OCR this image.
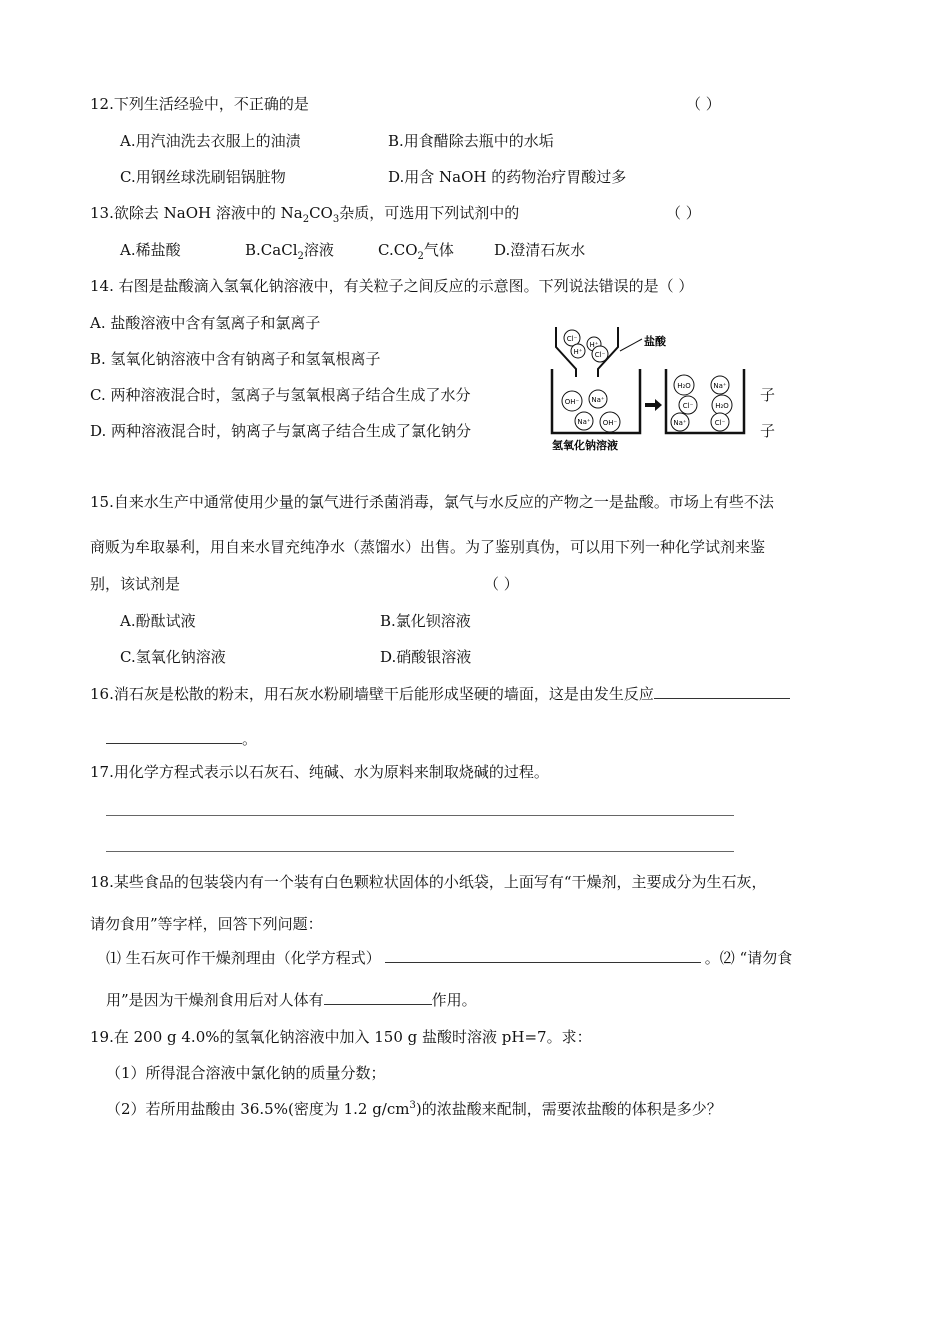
12.下列生活经验中，不正确的是	（ ）
A.用汽油洗去衣服上的油渍	B.用食醋除去瓶中的水垢
C.用钢丝球洗刷铝锅脏物	D.用含 NaOH 的药物治疗胃酸过多
13.欲除去 NaOH 溶液中的 $Na_2CO_3$杂质，可选用下列试剂中的	（ ）
A.稀盐酸	B.CaCl$_2$溶液	$C.CO_2$气体	D.澄清石灰水
14. 右图是盐酸滴入氢氧化钠溶液中，有关粒子之间反应的示意图。下列说法错误的是（ ）
A. 盐酸溶液中含有氢离子和氯离子
B. 氢氧化钠溶液中含有钠离子和氢氧根离子
C. 两种溶液混合时，氢离子与氢氧根离子结合生成了水分	子
D. 两种溶液混合时，钠离子与氯离子结合生成了氯化钠分	子
盐酸
Cl⁻
H⁺
H⁺ Cl⁻
OH⁻ Na⁺
Na⁺ OH⁻
氢氧化钠溶液
H₂O	Na⁺
Cl⁻	H₂O
Na⁺	Cl⁻
15.自来水生产中通常使用少量的氯气进行杀菌消毒，氯气与水反应的产物之一是盐酸。市场上有些不法
商贩为牟取暴利，用自来水冒充纯净水（蒸馏水）出售。为了鉴别真伪，可以用下列一种化学试剂来鉴
别，该试剂是	（ ）
A.酚酞试液	B.氯化钡溶液
C.氢氧化钠溶液	D.硝酸银溶液
16.消石灰是松散的粉末，用石灰水粉刷墙壁干后能形成坚硬的墙面，这是由发生反应
。
17.用化学方程式表示以石灰石、纯碱、水为原料来制取烧碱的过程。
18.某些食品的包装袋内有一个装有白色颗粒状固体的小纸袋，上面写有“干燥剂，主要成分为生石灰，
请勿食用”等字样，回答下列问题：
⑴ 生石灰可作干燥剂理由（化学方程式）	。⑵ “请勿食
用”是因为干燥剂食用后对人体有	作用。
19.在 200 g 4.0%的氢氧化钠溶液中加入 150 g 盐酸时溶液 pH=7。求：
（1）所得混合溶液中氯化钠的质量分数；
（2）若所用盐酸由 36.5%(密度为 1.2 $g/cm^3$)的浓盐酸来配制，需要浓盐酸的体积是多少？
